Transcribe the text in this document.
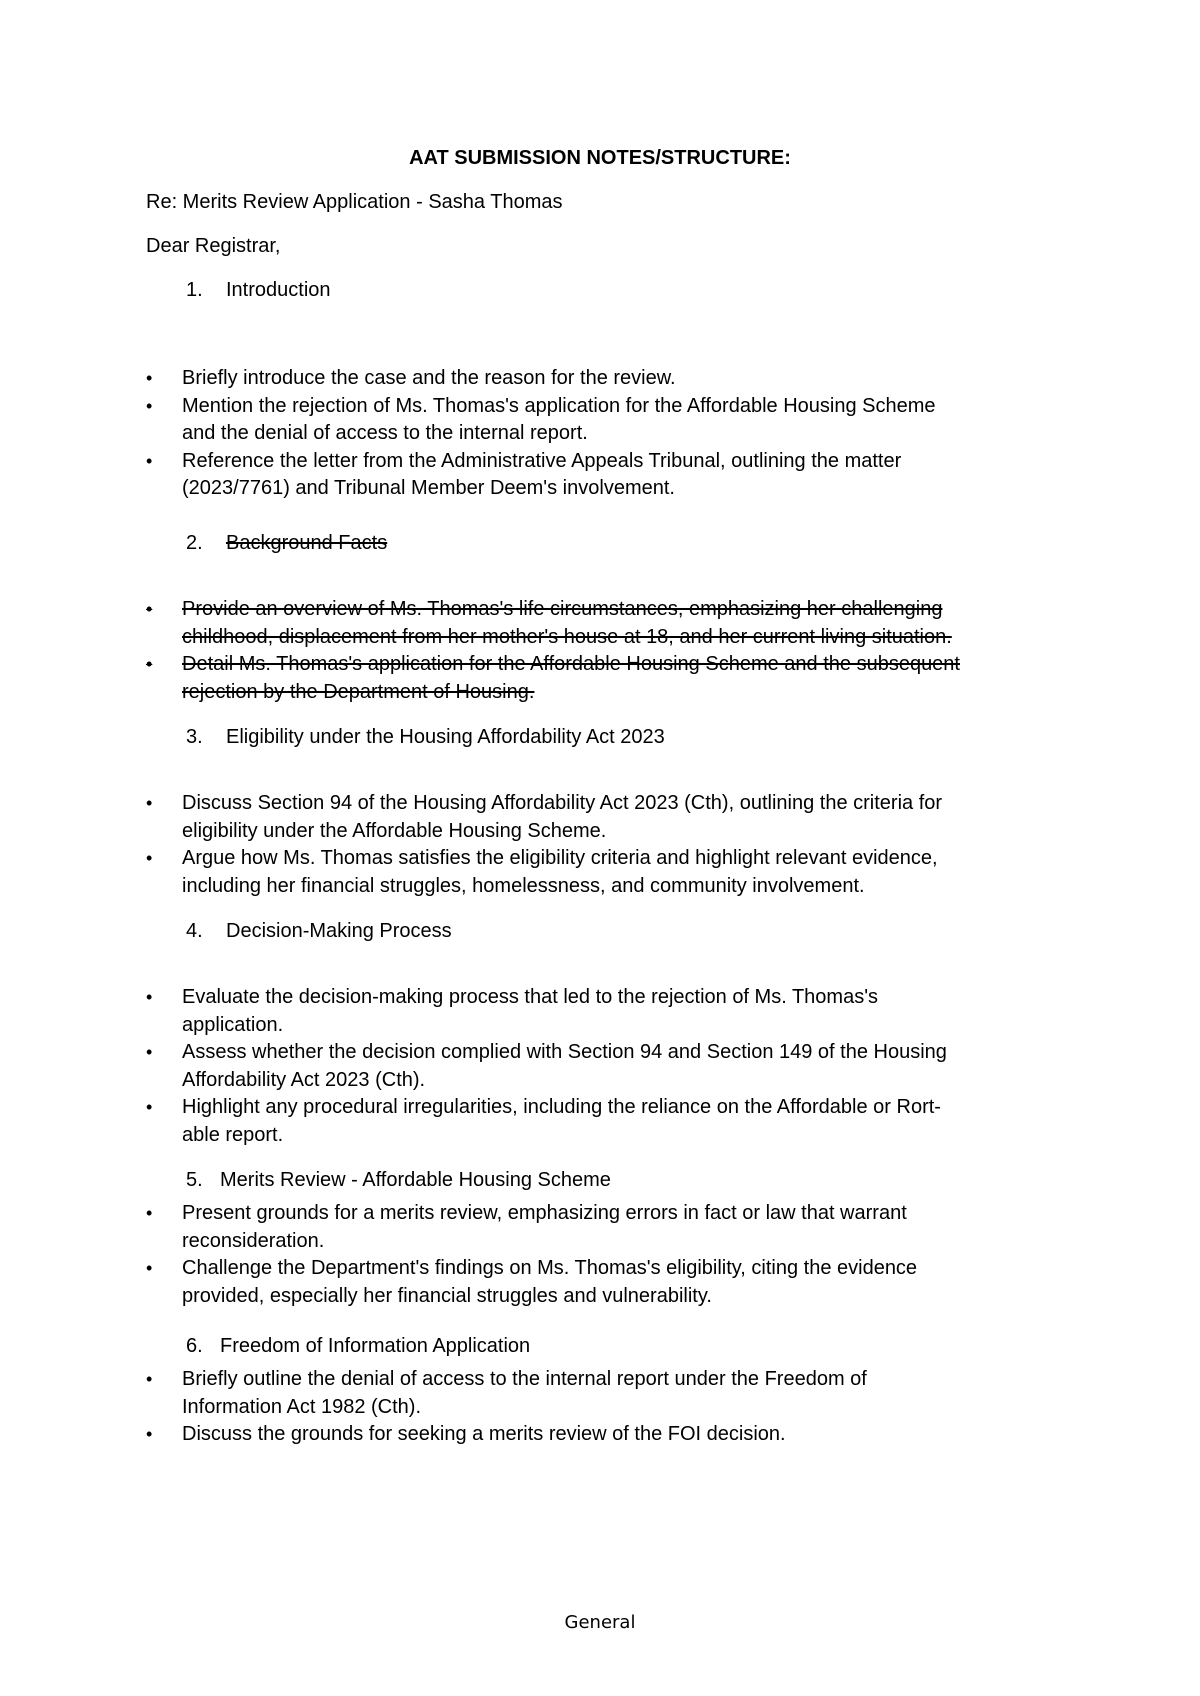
AAT SUBMISSION NOTES/STRUCTURE:
Re: Merits Review Application - Sasha Thomas
Dear Registrar,
1. Introduction
•	Briefly introduce the case and the reason for the review.
•	Mention the rejection of Ms. Thomas's application for the Affordable Housing Scheme
and the denial of access to the internal report.
•	Reference the letter from the Administrative Appeals Tribunal, outlining the matter
(2023/7761) and Tribunal Member Deem's involvement.
2. Background Facts
•	Provide an overview of Ms. Thomas's life circumstances, emphasizing her challenging
childhood, displacement from her mother's house at 18, and her current living situation.
•	Detail Ms. Thomas's application for the Affordable Housing Scheme and the subsequent
rejection by the Department of Housing.
3. Eligibility under the Housing Affordability Act 2023
•	Discuss Section 94 of the Housing Affordability Act 2023 (Cth), outlining the criteria for
eligibility under the Affordable Housing Scheme.
•	Argue how Ms. Thomas satisfies the eligibility criteria and highlight relevant evidence,
including her financial struggles, homelessness, and community involvement.
4. Decision-Making Process
•	Evaluate the decision-making process that led to the rejection of Ms. Thomas's
application.
•	Assess whether the decision complied with Section 94 and Section 149 of the Housing
Affordability Act 2023 (Cth).
•	Highlight any procedural irregularities, including the reliance on the Affordable or Rort-
able report.
5. Merits Review - Affordable Housing Scheme
•	Present grounds for a merits review, emphasizing errors in fact or law that warrant
reconsideration.
•	Challenge the Department's findings on Ms. Thomas's eligibility, citing the evidence
provided, especially her financial struggles and vulnerability.
6. Freedom of Information Application
•	Briefly outline the denial of access to the internal report under the Freedom of
Information Act 1982 (Cth).
•	Discuss the grounds for seeking a merits review of the FOI decision.
General
